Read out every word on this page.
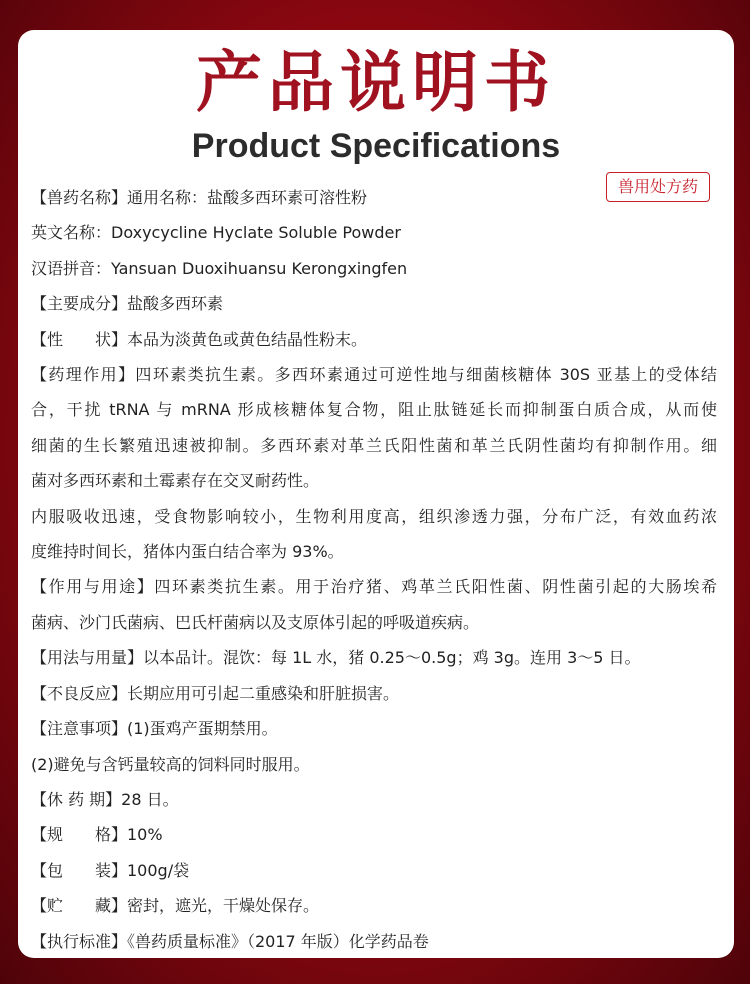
产品说明书
Product Specifications
兽用处方药
【兽药名称】通用名称：盐酸多西环素可溶性粉
英文名称：Doxycycline Hyclate Soluble Powder
汉语拼音：Yansuan Duoxihuansu Kerongxingfen
【主要成分】盐酸多西环素
【性　　状】本品为淡黄色或黄色结晶性粉末。
【药理作用】四环素类抗生素。多西环素通过可逆性地与细菌核糖体 30S 亚基上的受体结
合，干扰 tRNA 与 mRNA 形成核糖体复合物，阻止肽链延长而抑制蛋白质合成，从而使
细菌的生长繁殖迅速被抑制。多西环素对革兰氏阳性菌和革兰氏阴性菌均有抑制作用。细
菌对多西环素和土霉素存在交叉耐药性。
内服吸收迅速，受食物影响较小，生物利用度高，组织渗透力强，分布广泛，有效血药浓
度维持时间长，猪体内蛋白结合率为 93%。
【作用与用途】四环素类抗生素。用于治疗猪、鸡革兰氏阳性菌、阴性菌引起的大肠埃希
菌病、沙门氏菌病、巴氏杆菌病以及支原体引起的呼吸道疾病。
【用法与用量】以本品计。混饮：每 1L 水，猪 0.25～0.5g；鸡 3g。连用 3～5 日。
【不良反应】长期应用可引起二重感染和肝脏损害。
【注意事项】(1)蛋鸡产蛋期禁用。
(2)避免与含钙量较高的饲料同时服用。
【休 药 期】28 日。
【规　　格】10%
【包　　装】100g/袋
【贮　　藏】密封，遮光，干燥处保存。
【执行标准】《兽药质量标准》（2017 年版）化学药品卷
